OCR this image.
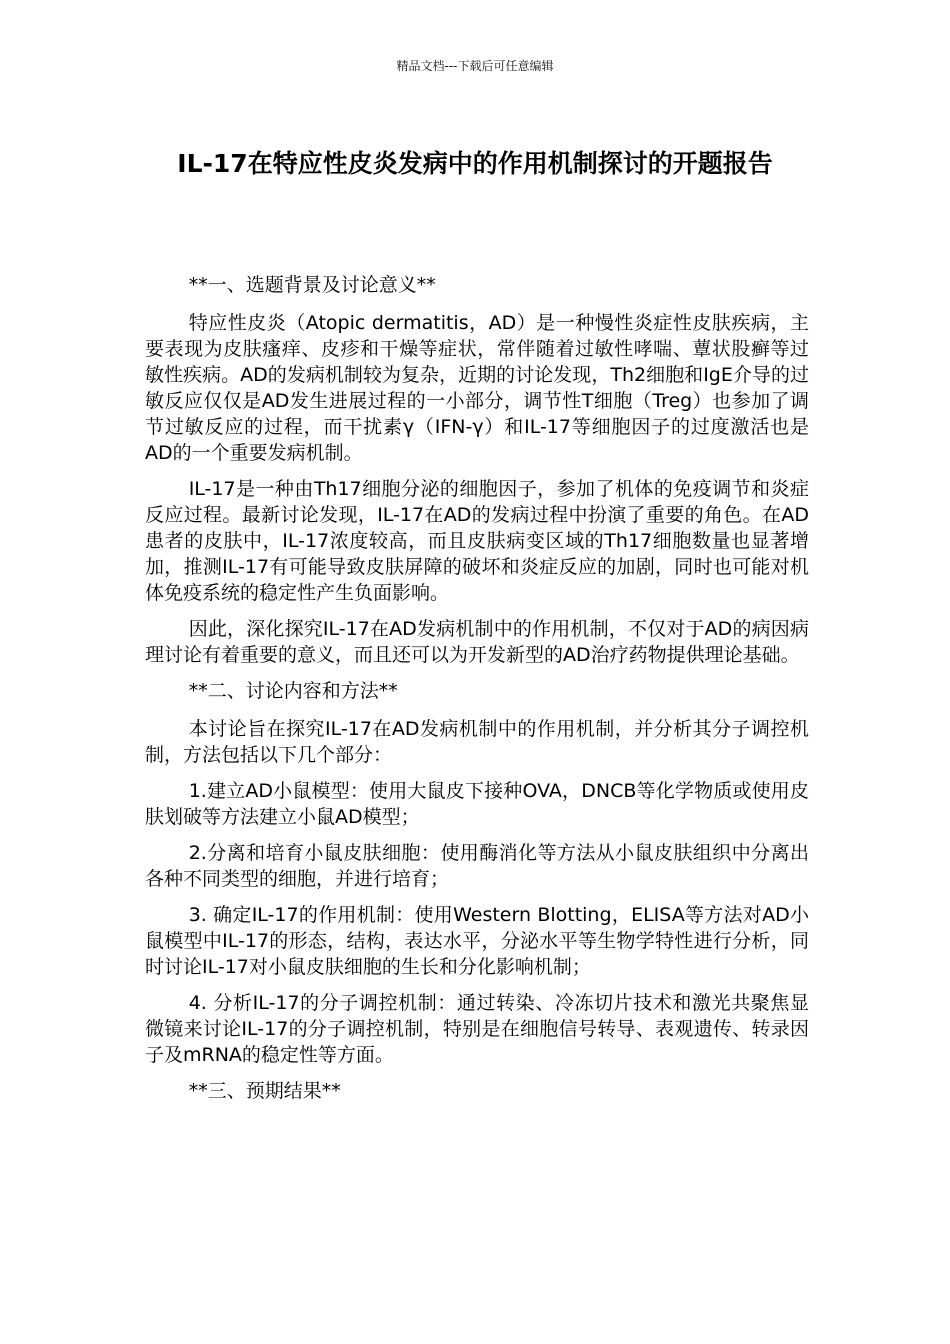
精品文档---下载后可任意编辑
IL-17在特应性皮炎发病中的作用机制探讨的开题报告

**一、选题背景及讨论意义**

特应性皮炎（Atopic dermatitis，AD）是一种慢性炎症性皮肤疾病，主要表现为皮肤瘙痒、皮疹和干燥等症状，常伴随着过敏性哮喘、蕈状股癣等过敏性疾病。AD的发病机制较为复杂，近期的讨论发现，Th2细胞和IgE介导的过敏反应仅仅是AD发生进展过程的一小部分，调节性T细胞（Treg）也参加了调节过敏反应的过程，而干扰素γ（IFN-γ）和IL-17等细胞因子的过度激活也是AD的一个重要发病机制。

IL-17是一种由Th17细胞分泌的细胞因子，参加了机体的免疫调节和炎症反应过程。最新讨论发现，IL-17在AD的发病过程中扮演了重要的角色。在AD患者的皮肤中，IL-17浓度较高，而且皮肤病变区域的Th17细胞数量也显著增加，推测IL-17有可能导致皮肤屏障的破坏和炎症反应的加剧，同时也可能对机体免疫系统的稳定性产生负面影响。

因此，深化探究IL-17在AD发病机制中的作用机制，不仅对于AD的病因病理讨论有着重要的意义，而且还可以为开发新型的AD治疗药物提供理论基础。

**二、讨论内容和方法**

本讨论旨在探究IL-17在AD发病机制中的作用机制，并分析其分子调控机制，方法包括以下几个部分：

1.建立AD小鼠模型：使用大鼠皮下接种OVA，DNCB等化学物质或使用皮肤划破等方法建立小鼠AD模型；

2.分离和培育小鼠皮肤细胞：使用酶消化等方法从小鼠皮肤组织中分离出各种不同类型的细胞，并进行培育；

3. 确定IL-17的作用机制：使用Western Blotting，ELISA等方法对AD小鼠模型中IL-17的形态，结构，表达水平，分泌水平等生物学特性进行分析，同时讨论IL-17对小鼠皮肤细胞的生长和分化影响机制；

4. 分析IL-17的分子调控机制：通过转染、冷冻切片技术和激光共聚焦显微镜来讨论IL-17的分子调控机制，特别是在细胞信号转导、表观遗传、转录因子及mRNA的稳定性等方面。

**三、预期结果**
